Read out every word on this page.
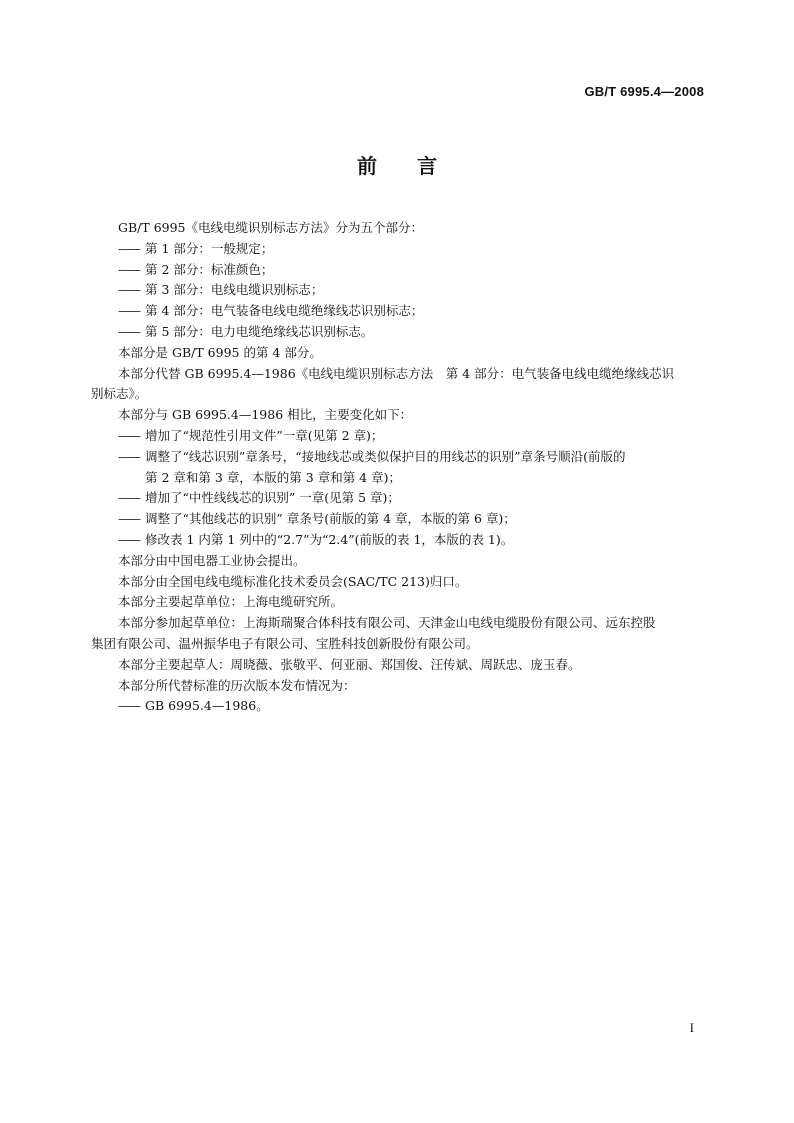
GB/T 6995.4—2008
前　　言
GB/T 6995《电线电缆识别标志方法》分为五个部分：
—— 第 1 部分：一般规定；
—— 第 2 部分：标准颜色；
—— 第 3 部分：电线电缆识别标志；
—— 第 4 部分：电气装备电线电缆绝缘线芯识别标志；
—— 第 5 部分：电力电缆绝缘线芯识别标志。
本部分是 GB/T 6995 的第 4 部分。
本部分代替 GB 6995.4—1986《电线电缆识别标志方法　第 4 部分：电气装备电线电缆绝缘线芯识
别标志》。
本部分与 GB 6995.4—1986 相比，主要变化如下：
—— 增加了“规范性引用文件”一章(见第 2 章)；
—— 调整了“线芯识别”章条号，“接地线芯或类似保护目的用线芯的识别”章条号顺沿(前版的
第 2 章和第 3 章，本版的第 3 章和第 4 章)；
—— 增加了“中性线线芯的识别” 一章(见第 5 章)；
—— 调整了“其他线芯的识别” 章条号(前版的第 4 章，本版的第 6 章)；
—— 修改表 1 内第 1 列中的“2.7”为“2.4”(前版的表 1，本版的表 1)。
本部分由中国电器工业协会提出。
本部分由全国电线电缆标准化技术委员会(SAC/TC 213)归口。
本部分主要起草单位：上海电缆研究所。
本部分参加起草单位：上海斯瑞聚合体科技有限公司、天津金山电线电缆股份有限公司、远东控股
集团有限公司、温州振华电子有限公司、宝胜科技创新股份有限公司。
本部分主要起草人：周晓薇、张敬平、何亚丽、郑国俊、汪传斌、周跃忠、庞玉春。
本部分所代替标准的历次版本发布情况为：
—— GB 6995.4—1986。
I
